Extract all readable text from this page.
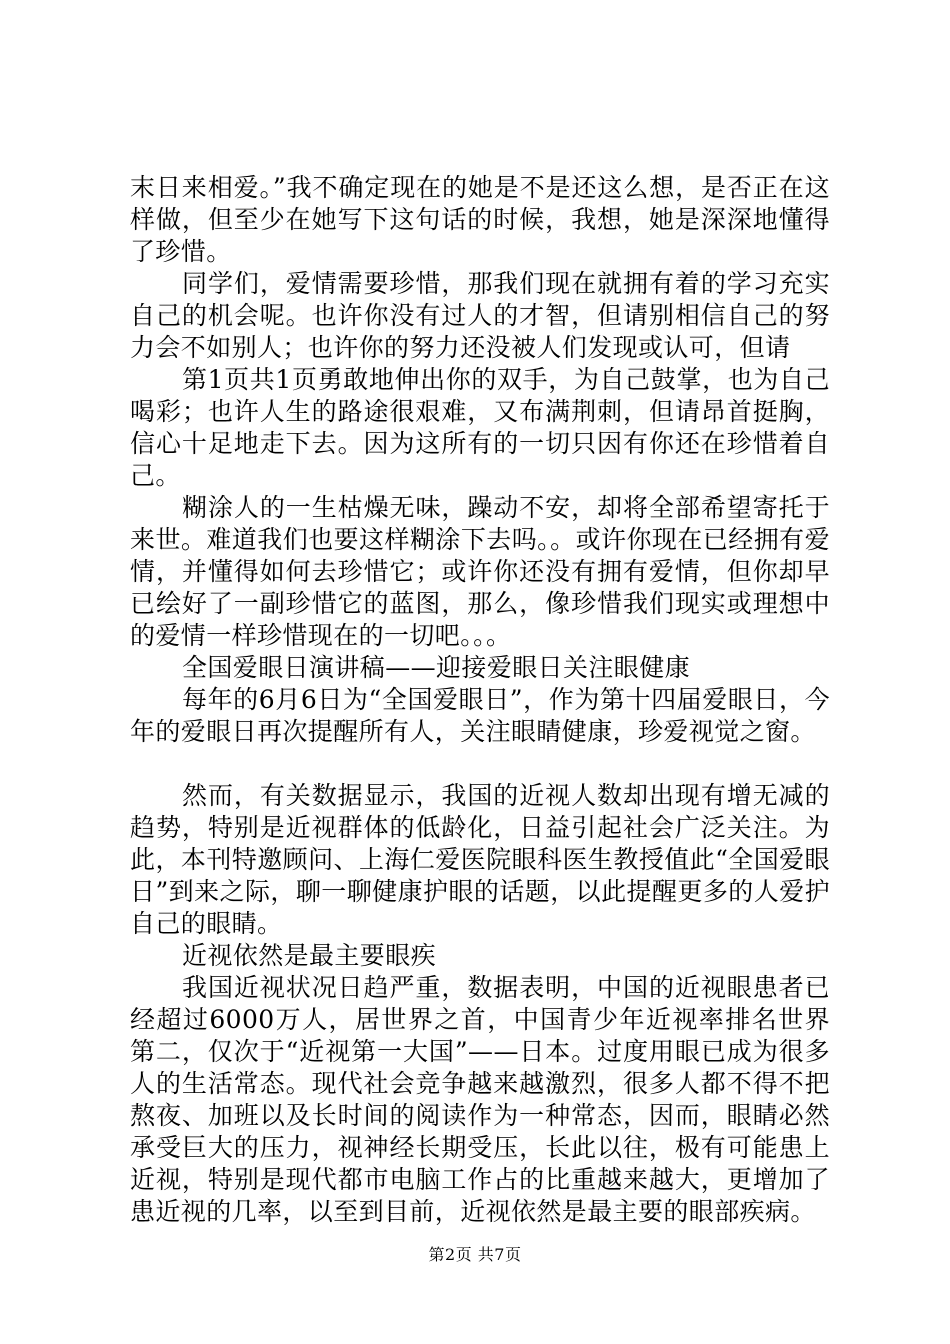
末日来相爱。”我不确定现在的她是不是还这么想，是否正在这样做，但至少在她写下这句话的时候，我想，她是深深地懂得了珍惜。

同学们，爱情需要珍惜，那我们现在就拥有着的学习充实自己的机会呢。也许你没有过人的才智，但请别相信自己的努力会不如别人；也许你的努力还没被人们发现或认可，但请

第1页共1页勇敢地伸出你的双手，为自己鼓掌，也为自己喝彩；也许人生的路途很艰难，又布满荆刺，但请昂首挺胸，信心十足地走下去。因为这所有的一切只因有你还在珍惜着自己。

糊涂人的一生枯燥无味，躁动不安，却将全部希望寄托于来世。难道我们也要这样糊涂下去吗。。或许你现在已经拥有爱情，并懂得如何去珍惜它；或许你还没有拥有爱情，但你却早已绘好了一副珍惜它的蓝图，那么，像珍惜我们现实或理想中的爱情一样珍惜现在的一切吧。。。

全国爱眼日演讲稿——迎接爱眼日关注眼健康

每年的6月6日为“全国爱眼日”，作为第十四届爱眼日，今年的爱眼日再次提醒所有人，关注眼睛健康，珍爱视觉之窗。

然而，有关数据显示，我国的近视人数却出现有增无减的趋势，特别是近视群体的低龄化，日益引起社会广泛关注。为此，本刊特邀顾问、上海仁爱医院眼科医生教授值此“全国爱眼日”到来之际，聊一聊健康护眼的话题，以此提醒更多的人爱护自己的眼睛。

近视依然是最主要眼疾

我国近视状况日趋严重，数据表明，中国的近视眼患者已经超过6000万人，居世界之首，中国青少年近视率排名世界第二，仅次于“近视第一大国”——日本。过度用眼已成为很多人的生活常态。现代社会竞争越来越激烈，很多人都不得不把熬夜、加班以及长时间的阅读作为一种常态，因而，眼睛必然承受巨大的压力，视神经长期受压，长此以往，极有可能患上近视，特别是现代都市电脑工作占的比重越来越大，更增加了患近视的几率，以至到目前，近视依然是最主要的眼部疾病。

第2页 共7页
